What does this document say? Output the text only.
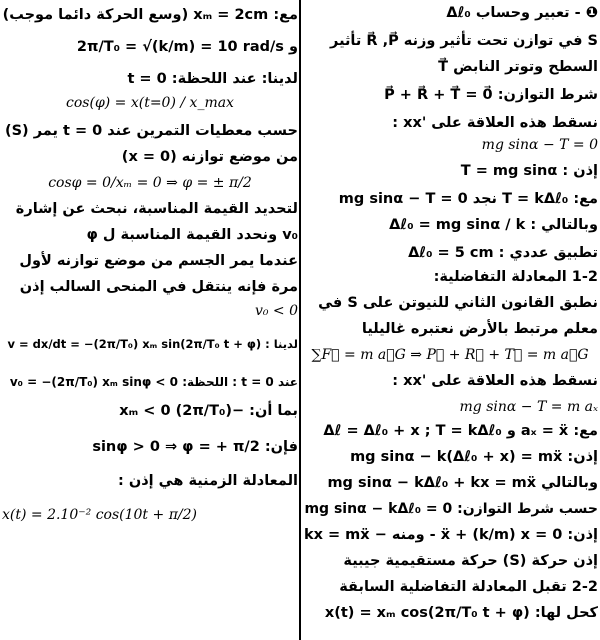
❶ - تعبير وحساب Δℓ₀
S في توازن تحت تأثير وزنه R⃗ ,P⃗ تأثير
السطح وتوتر النابض T⃗
شرط التوازن: P⃗ + R⃗ + T⃗ = 0⃗
نسقط هذه العلاقة على 'xx :
mg sinα − T = 0
إذن : T = mg sinα
مع: T = kΔℓ₀ نجد mg sinα − T = 0
وبالتالي : Δℓ₀ = mg sinα / k
تطبيق عددي : Δℓ₀ = 5 cm
1-2 المعادلة التفاضلية:
نطبق القانون الثاني للنيوتن على S في
معلم مرتبط بالأرض نعتبره غاليليا
∑F⃗ = m a⃗G ⇒ P⃗ + R⃗ + T⃗ = m a⃗G
نسقط هذه العلاقة على 'xx :
mg sinα − T = m aₓ
مع: aₓ = ẍ و Δℓ = Δℓ₀ + x ; T = kΔℓ₀
إذن: mg sinα − k(Δℓ₀ + x) = mẍ
وبالتالي mg sinα − kΔℓ₀ + kx = mẍ
حسب شرط التوازن: mg sinα − kΔℓ₀ = 0
إذن: ẍ + (k/m) x = 0 - ومنه − kx = mẍ
إذن حركة (S) حركة مستقيمية جيبية
2-2 تقبل المعادلة التفاضلية السابقة
كحل لها: x(t) = xₘ cos(2π/T₀ t + φ)
مع: xₘ = 2cm (وسع الحركة دائما موجب)
و 2π/T₀ = √(k/m) = 10 rad/s
لدينا: عند اللحظة: t = 0
cos(φ) = x(t=0) / x_max
حسب معطيات التمرين عند 0 = t يمر (S)
من موضع توازنه (x = 0)
cosφ = 0/xₘ = 0 ⇒ φ = ± π/2
لتحديد القيمة المناسبة، نبحث عن إشارة
v₀ ونحدد القيمة المناسبة ل φ
عندما يمر الجسم من موضع توازنه لأول
مرة فإنه ينتقل في المنحى السالب إذن
v₀ < 0
لدينا : v = dx/dt = −(2π/T₀) xₘ sin(2π/T₀ t + φ)
عند t = 0 : اللحظة: v₀ = −(2π/T₀) xₘ sinφ < 0
بما أن: −(2π/T₀) xₘ < 0
فإن: sinφ > 0 ⇒ φ = + π/2
المعادلة الزمنية هي إذن :
x(t) = 2.10⁻² cos(10t + π/2)
